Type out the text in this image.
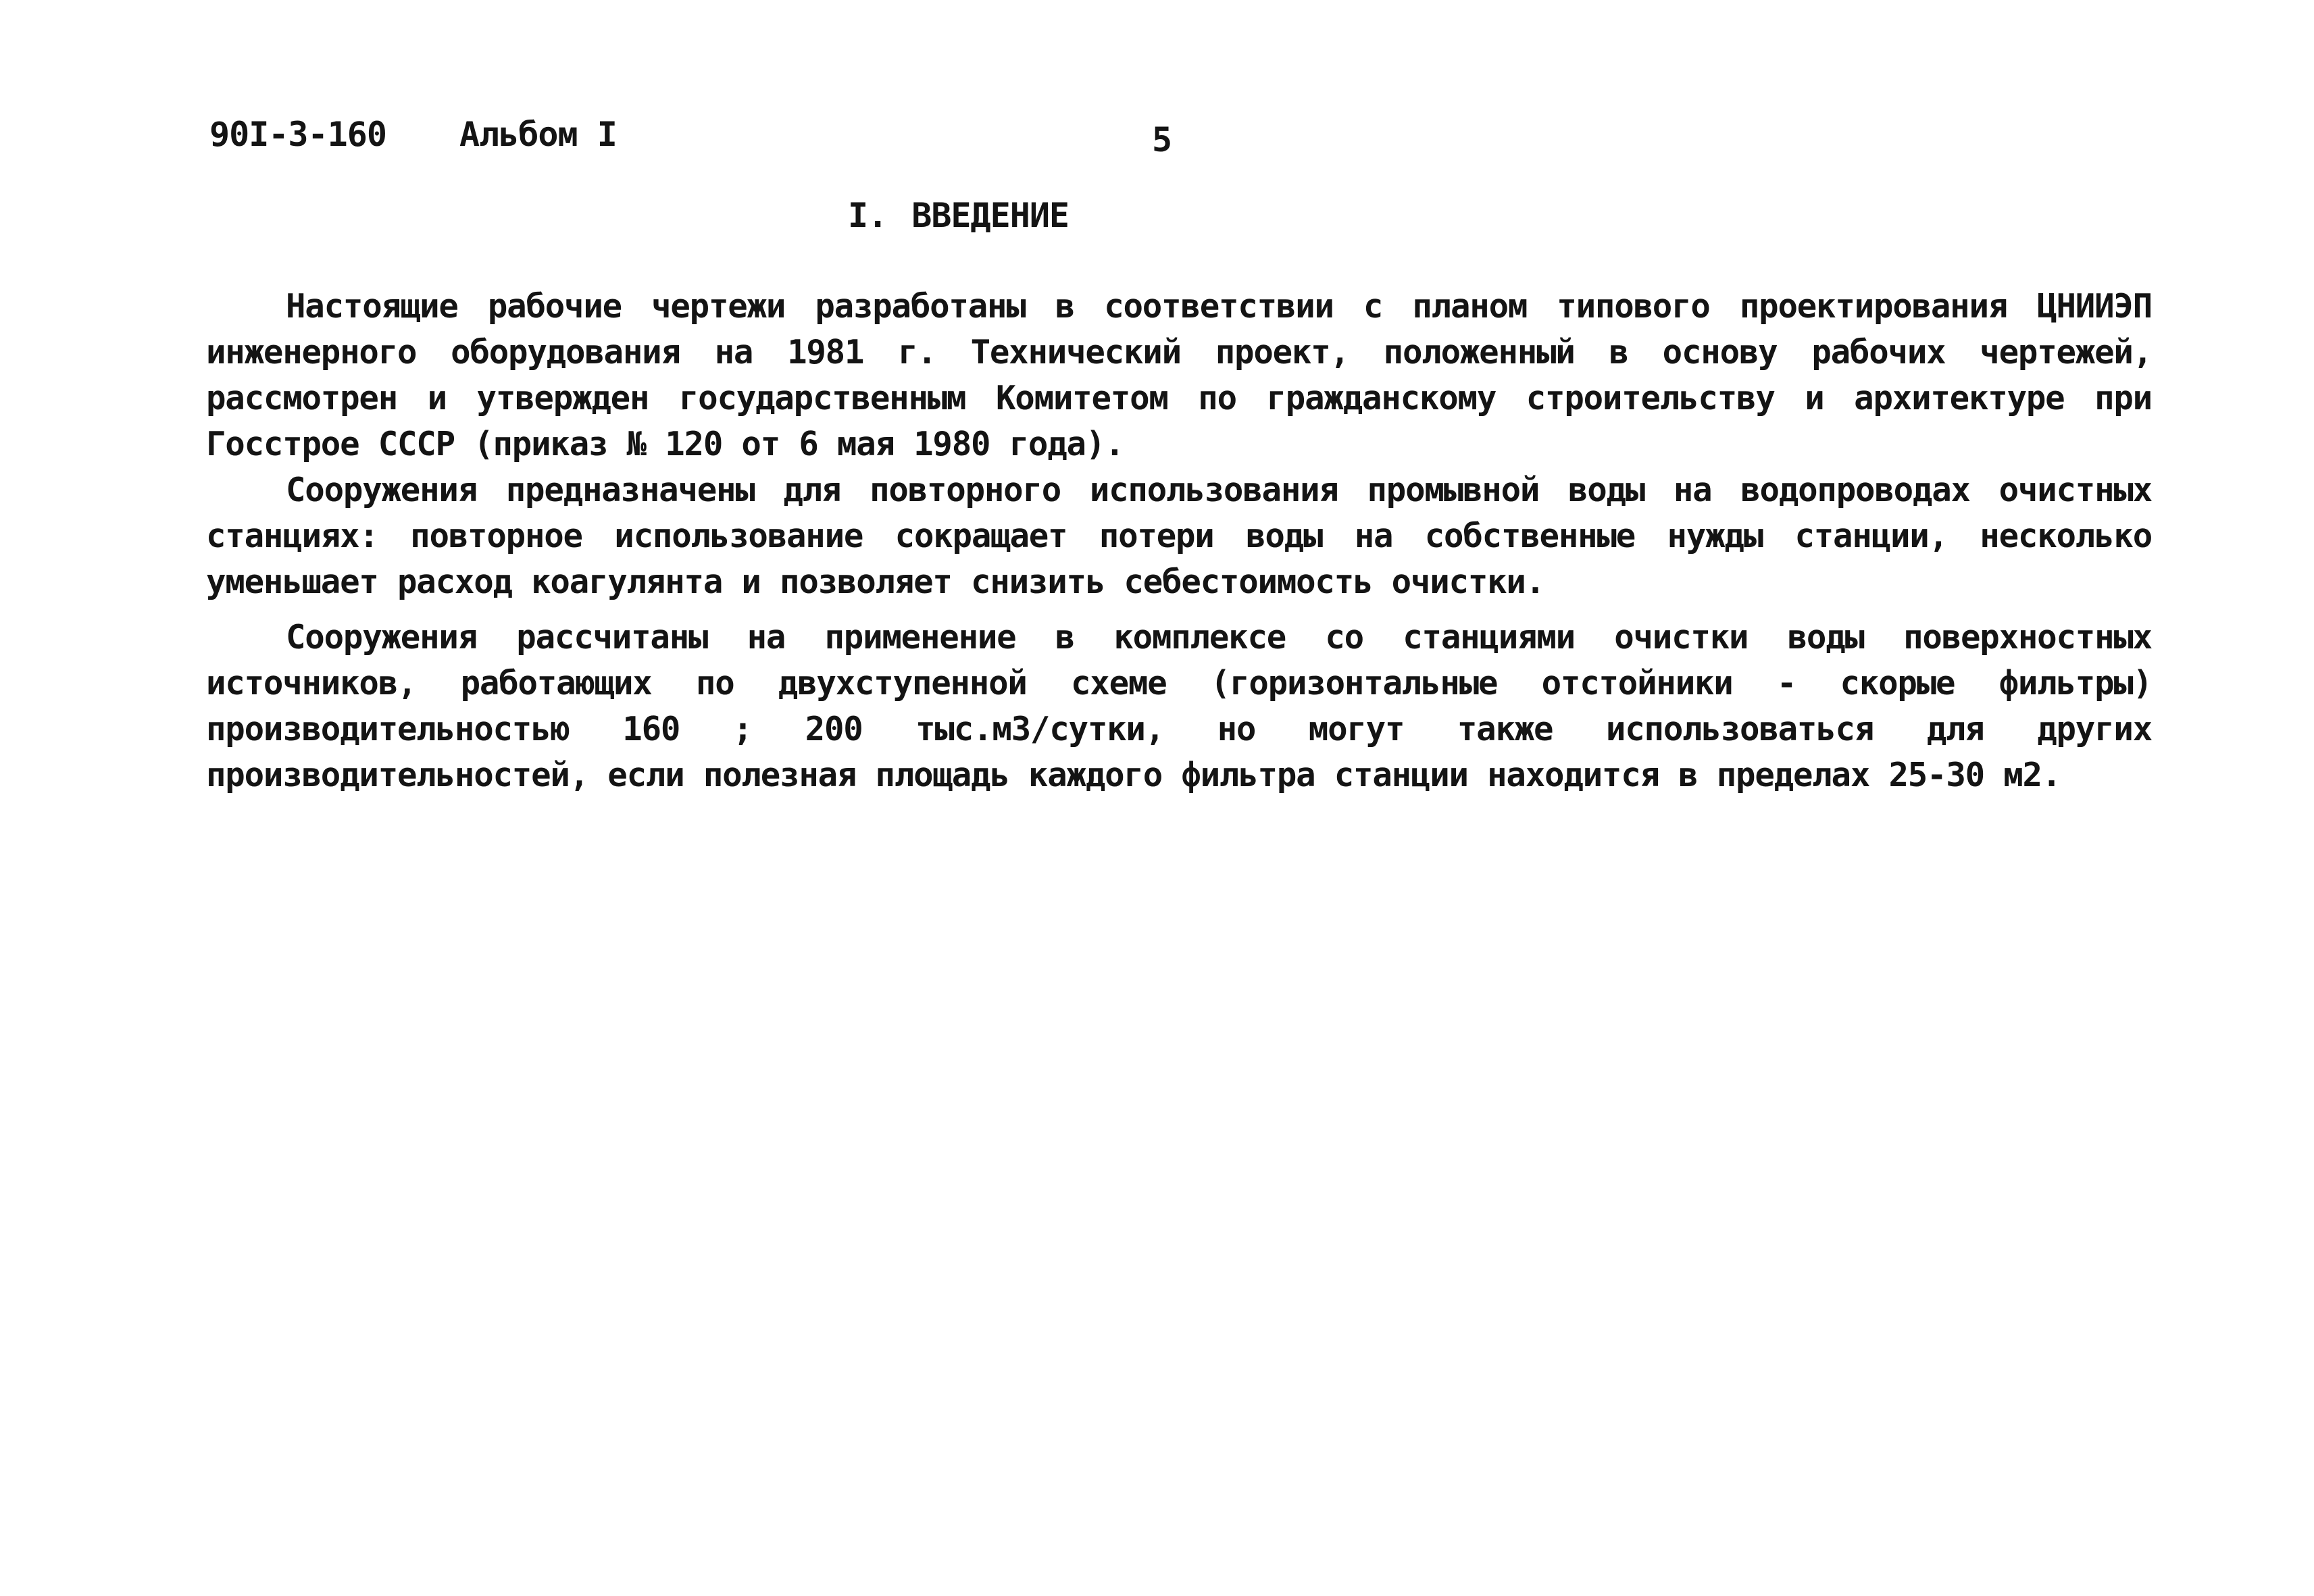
90I-3-160 Альбом I	5
I. ВВЕДЕНИЕ

Настоящие рабочие чертежи разработаны в соответствии с планом типового проектирования ЦНИИЭП инженерного оборудования на 1981 г. Технический проект, положенный в основу рабочих чертежей, рассмотрен и утвержден государственным Комитетом по гражданскому строительству и архитектуре при Госстрое СССР (приказ № 120 от 6 мая 1980 года).

Сооружения предназначены для повторного использования промывной воды на водопроводах очистных станциях: повторное использование сокращает потери воды на собственные нужды станции, несколько уменьшает расход коагулянта и позволяет снизить себестоимость очистки.

Сооружения рассчитаны на применение в комплексе со станциями очистки воды поверхностных источников, работающих по двухступенной схеме (горизонтальные отстойники - скорые фильтры) производительностью 160 ; 200 тыс.м3/сутки, но могут также использоваться для других производительностей, если полезная площадь каждого фильтра станции находится в пределах 25-30 м2.
